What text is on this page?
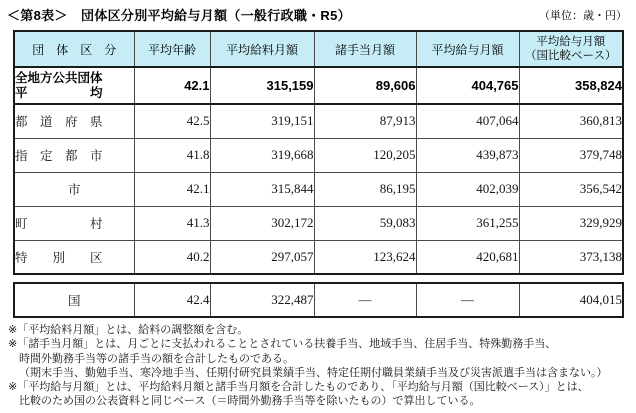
＜第8表＞　団体区分別平均給与月額（一般行政職・R5）	（単位：歳・円）
団　体　区　分	平均年齢	平均給料月額	諸手当月額	平均給与月額	平均給与月額
（国比較ベース）
全地方公共団体
平　　　　　均	42.1	315,159	89,606	404,765	358,824
都　道　府　県	42.5	319,151	87,913	407,064	360,813
指　定　都　市	41.8	319,668	120,205	439,873	379,748
市	42.1	315,844	86,195	402,039	356,542
町　　　　　村	41.3	302,172	59,083	361,255	329,929
特　　別　　区	40.2	297,057	123,624	420,681	373,138
国	42.4	322,487	―	―	404,015
※「平均給料月額」とは、給料の調整額を含む。
※「諸手当月額」とは、月ごとに支払われることとされている扶養手当、地域手当、住居手当、特殊勤務手当、
時間外勤務手当等の諸手当の額を合計したものである。
（期末手当、勤勉手当、寒冷地手当、任期付研究員業績手当、特定任期付職員業績手当及び災害派遣手当は含まない。）
※「平均給与月額」とは、平均給料月額と諸手当月額を合計したものであり、「平均給与月額（国比較ベース）」とは、
比較のため国の公表資料と同じベース（＝時間外勤務手当等を除いたもの）で算出している。
